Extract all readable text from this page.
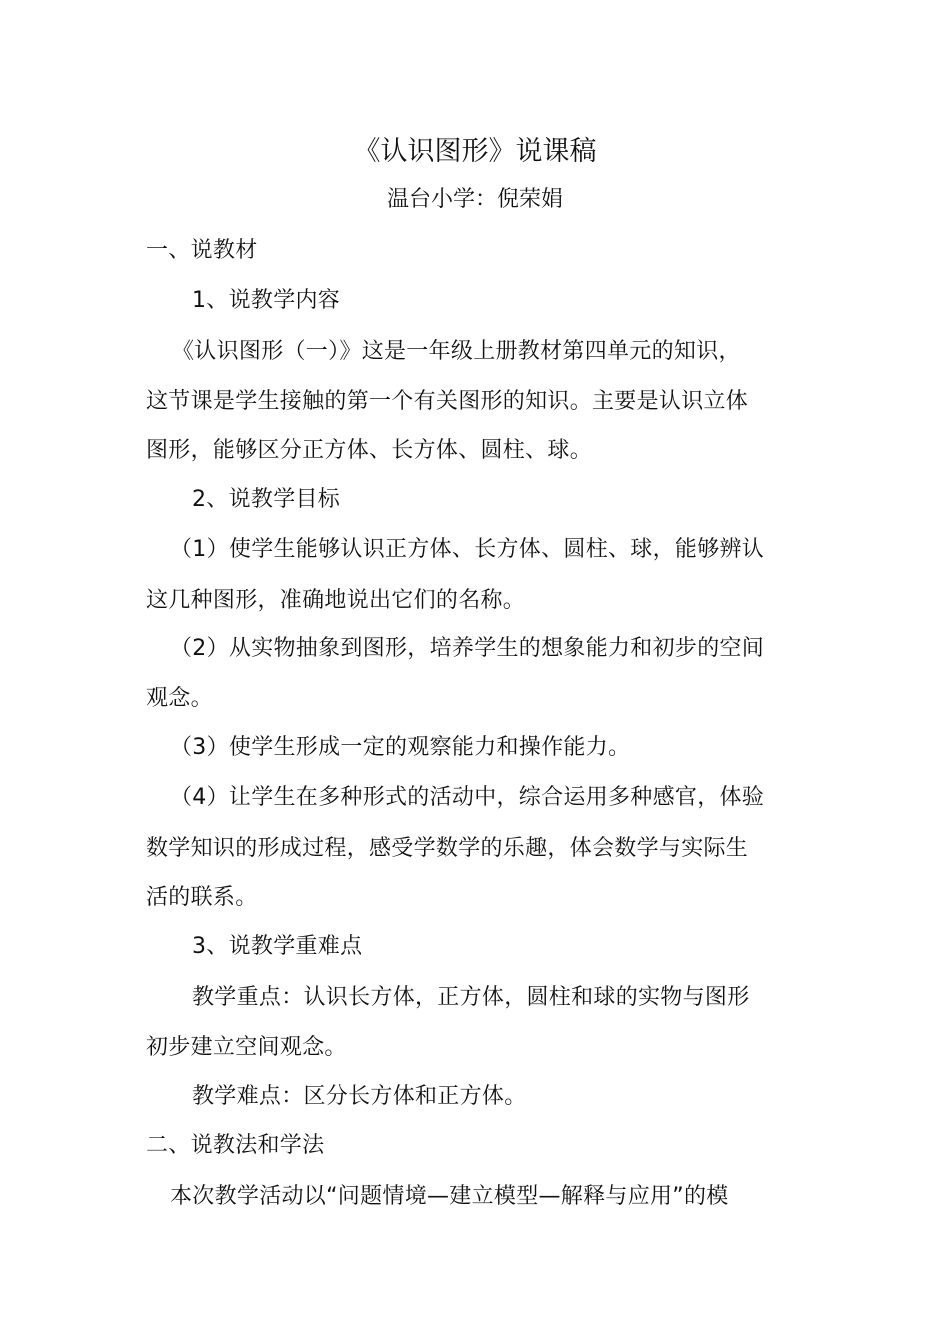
《认识图形》说课稿
温台小学：倪荣娟
一、说教材
1、说教学内容
《认识图形（一）》这是一年级上册教材第四单元的知识，
这节课是学生接触的第一个有关图形的知识。主要是认识立体
图形，能够区分正方体、长方体、圆柱、球。
2、说教学目标
（1）使学生能够认识正方体、长方体、圆柱、球，能够辨认
这几种图形，准确地说出它们的名称。
（2）从实物抽象到图形，培养学生的想象能力和初步的空间
观念。
（3）使学生形成一定的观察能力和操作能力。
（4）让学生在多种形式的活动中，综合运用多种感官，体验
数学知识的形成过程，感受学数学的乐趣，体会数学与实际生
活的联系。
3、说教学重难点
教学重点：认识长方体，正方体，圆柱和球的实物与图形
初步建立空间观念。
教学难点：区分长方体和正方体。
二、说教法和学法
本次教学活动以“问题情境—建立模型—解释与应用”的模
